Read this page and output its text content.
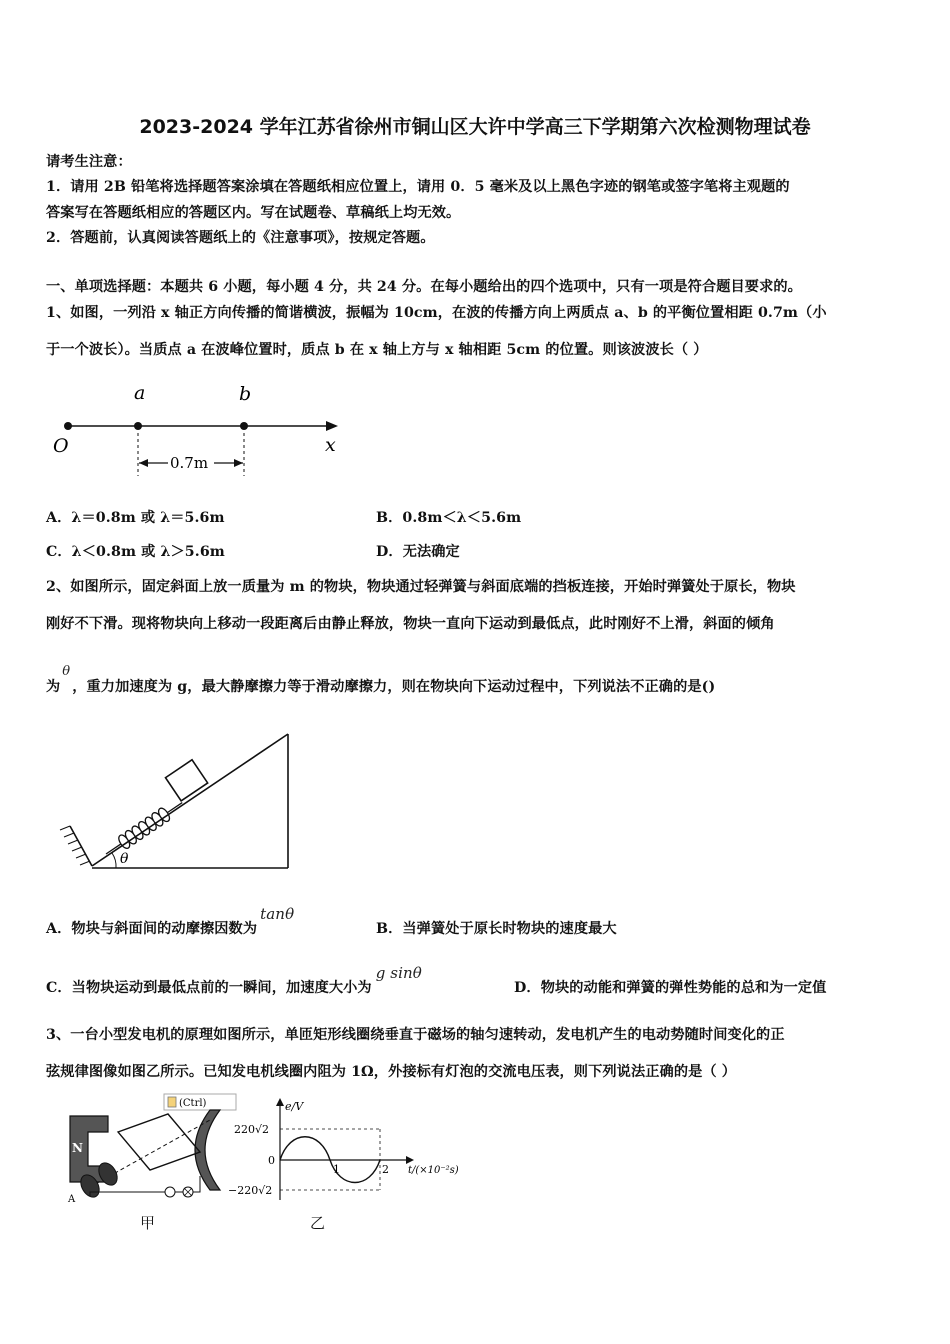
2023-2024 学年江苏省徐州市铜山区大许中学高三下学期第六次检测物理试卷
请考生注意：
1．请用 2B 铅笔将选择题答案涂填在答题纸相应位置上，请用 0．5 毫米及以上黑色字迹的钢笔或签字笔将主观题的
答案写在答题纸相应的答题区内。写在试题卷、草稿纸上均无效。
2．答题前，认真阅读答题纸上的《注意事项》，按规定答题。
一、单项选择题：本题共 6 小题，每小题 4 分，共 24 分。在每小题给出的四个选项中，只有一项是符合题目要求的。
1、如图，一列沿 x 轴正方向传播的简谐横波，振幅为 10cm，在波的传播方向上两质点 a、b 的平衡位置相距 0.7m（小
于一个波长）。当质点 a 在波峰位置时，质点 b 在 x 轴上方与 x 轴相距 5cm 的位置。则该波波长（ ）
a	b
O	x
0.7m
A．λ＝0.8m 或 λ＝5.6m	B．0.8m＜λ＜5.6m
C．λ＜0.8m 或 λ＞5.6m	D．无法确定
2、如图所示，固定斜面上放一质量为 m 的物块，物块通过轻弹簧与斜面底端的挡板连接，开始时弹簧处于原长，物块
刚好不下滑。现将物块向上移动一段距离后由静止释放，物块一直向下运动到最低点，此时刚好不上滑，斜面的倾角
为θ，重力加速度为 g，最大静摩擦力等于滑动摩擦力，则在物块向下运动过程中，下列说法不正确的是()
θ
A．物块与斜面间的动摩擦因数为tanθ
B．当弹簧处于原长时物块的速度最大
C．当物块运动到最低点前的一瞬间，加速度大小为g sinθ
D．物块的动能和弹簧的弹性势能的总和为一定值
3、一台小型发电机的原理如图所示，单匝矩形线圈绕垂直于磁场的轴匀速转动，发电机产生的电动势随时间变化的正
弦规律图像如图乙所示。已知发电机线圈内阻为 1Ω，外接标有灯泡的交流电压表，则下列说法正确的是（ ）
(Ctrl)
N
A
甲
e/V
220√2
0
−220√2
1	2 t/(×10⁻²s)
乙
